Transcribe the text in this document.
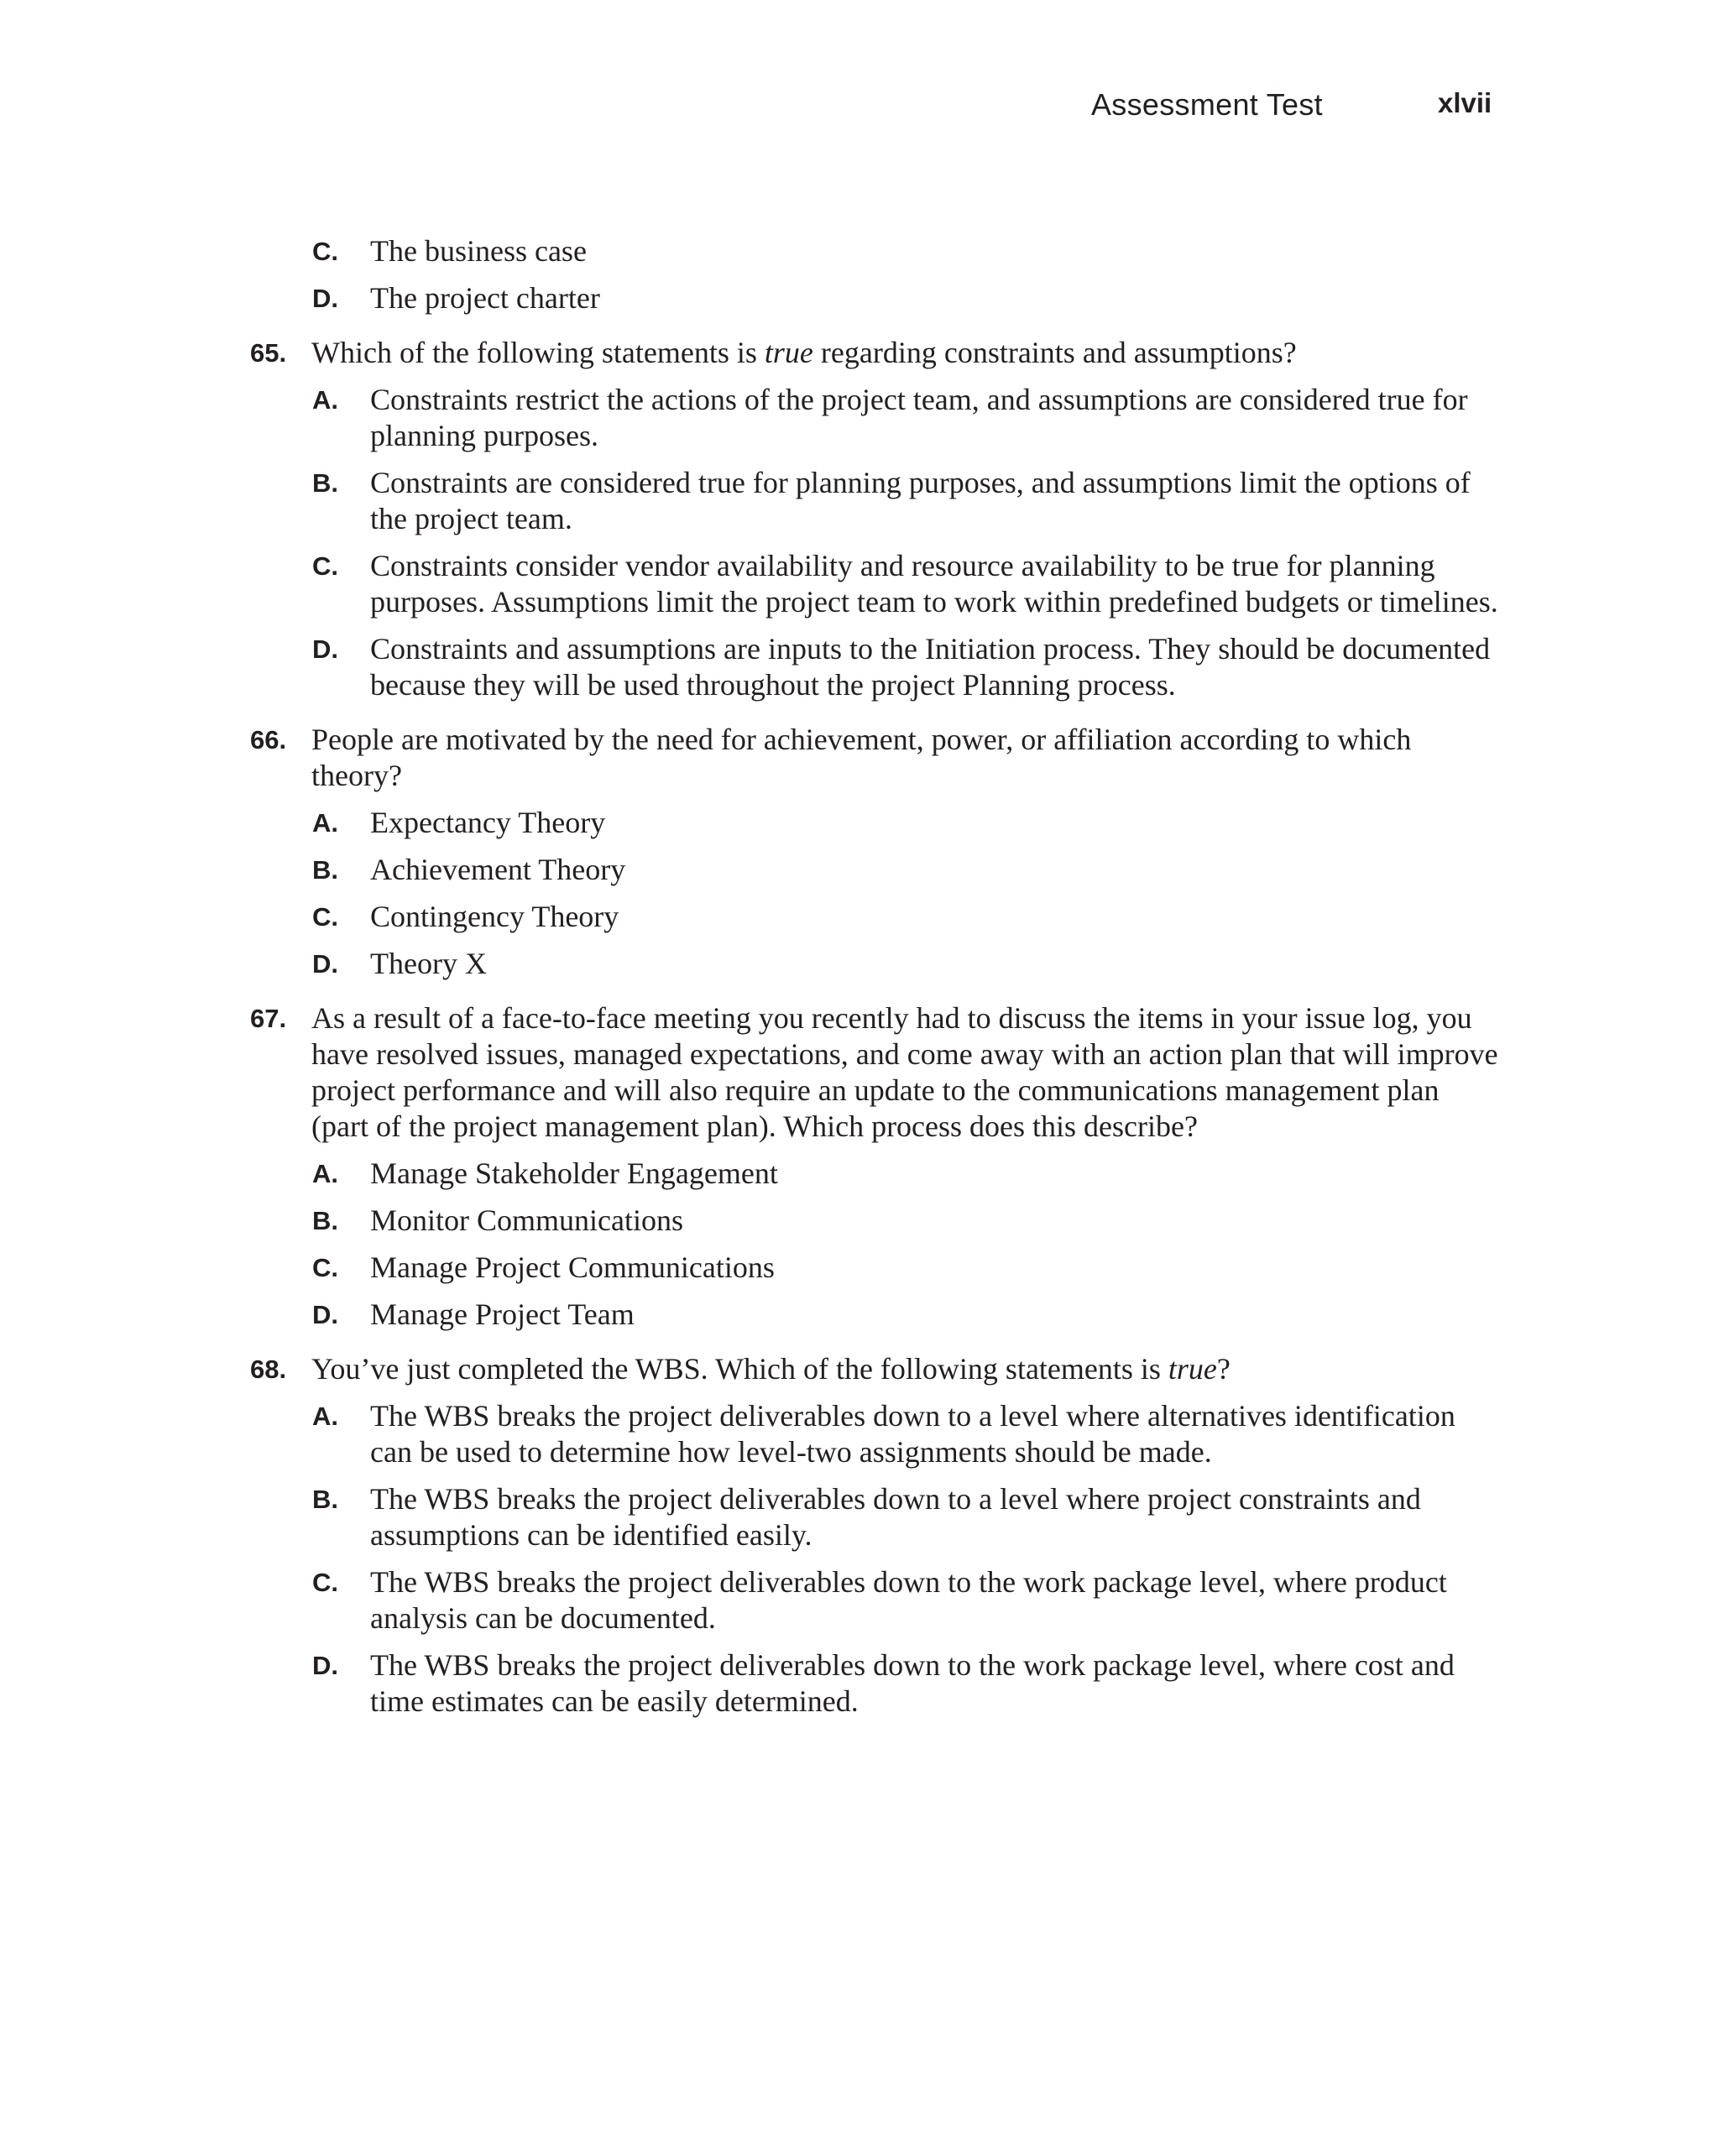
Assessment Test	xlvii
C. The business case
D. The project charter
65. Which of the following statements is true regarding constraints and assumptions?
A. Constraints restrict the actions of the project team, and assumptions are considered true for planning purposes.
B. Constraints are considered true for planning purposes, and assumptions limit the options of the project team.
C. Constraints consider vendor availability and resource availability to be true for planning purposes. Assumptions limit the project team to work within predefined budgets or timelines.
D. Constraints and assumptions are inputs to the Initiation process. They should be documented because they will be used throughout the project Planning process.
66. People are motivated by the need for achievement, power, or affiliation according to which theory?
A. Expectancy Theory
B. Achievement Theory
C. Contingency Theory
D. Theory X
67. As a result of a face-to-face meeting you recently had to discuss the items in your issue log, you have resolved issues, managed expectations, and come away with an action plan that will improve project performance and will also require an update to the communications management plan (part of the project management plan). Which process does this describe?
A. Manage Stakeholder Engagement
B. Monitor Communications
C. Manage Project Communications
D. Manage Project Team
68. You’ve just completed the WBS. Which of the following statements is true?
A. The WBS breaks the project deliverables down to a level where alternatives identification can be used to determine how level-two assignments should be made.
B. The WBS breaks the project deliverables down to a level where project constraints and assumptions can be identified easily.
C. The WBS breaks the project deliverables down to the work package level, where product analysis can be documented.
D. The WBS breaks the project deliverables down to the work package level, where cost and time estimates can be easily determined.
